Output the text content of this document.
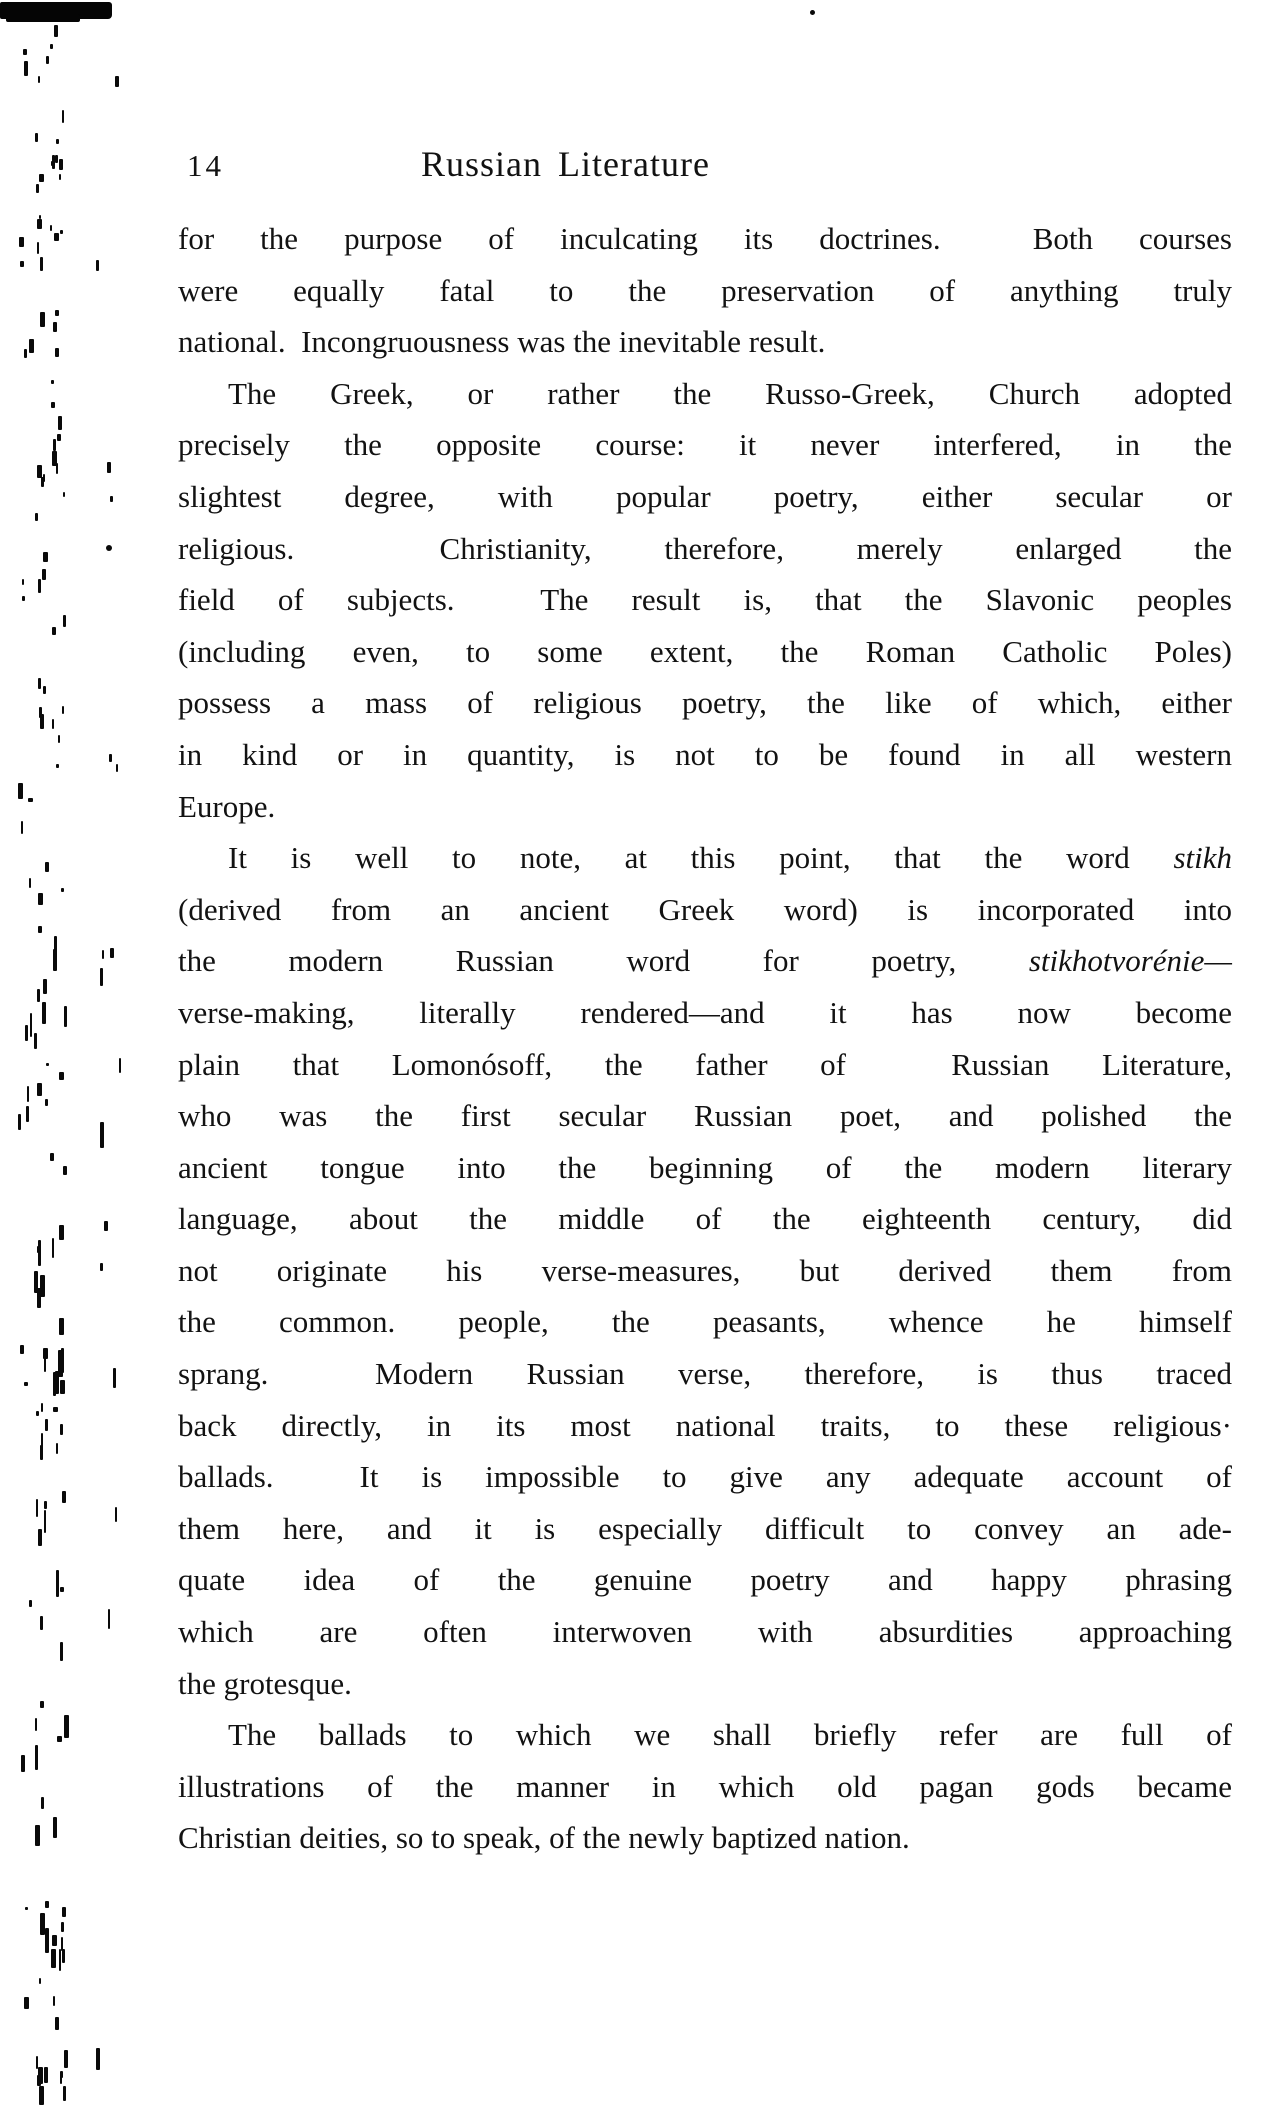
14	Russian Literature
for the purpose of inculcating its doctrines.  Both courses
were equally fatal to the preservation of anything truly
national.  Incongruousness was the inevitable result.
The Greek, or rather the Russo-Greek, Church adopted
precisely the opposite course: it never interfered, in the
slightest degree, with popular poetry, either secular or
religious.  Christianity, therefore, merely enlarged the
field of subjects.  The result is, that the Slavonic peoples
(including even, to some extent, the Roman Catholic Poles)
possess a mass of religious poetry, the like of which, either
in kind or in quantity, is not to be found in all western
Europe.
It is well to note, at this point, that the word stikh
(derived from an ancient Greek word) is incorporated into
the modern Russian word for poetry, stikhotvorénie—
verse-making, literally rendered—and it has now become
plain that Lomonósoff, the father of  Russian Literature,
who was the first secular Russian poet, and polished the
ancient tongue into the beginning of the modern literary
language, about the middle of the eighteenth century, did
not originate his verse-measures, but derived them from
the common. people, the peasants, whence he himself
sprang.  Modern Russian verse, therefore, is thus traced
back directly, in its most national traits, to these religious·
ballads.  It is impossible to give any adequate account of
them here, and it is especially difficult to convey an ade-
quate idea of the genuine poetry and happy phrasing
which are often interwoven with absurdities approaching
the grotesque.
The ballads to which we shall briefly refer are full of
illustrations of the manner in which old pagan gods became
Christian deities, so to speak, of the newly baptized nation.
